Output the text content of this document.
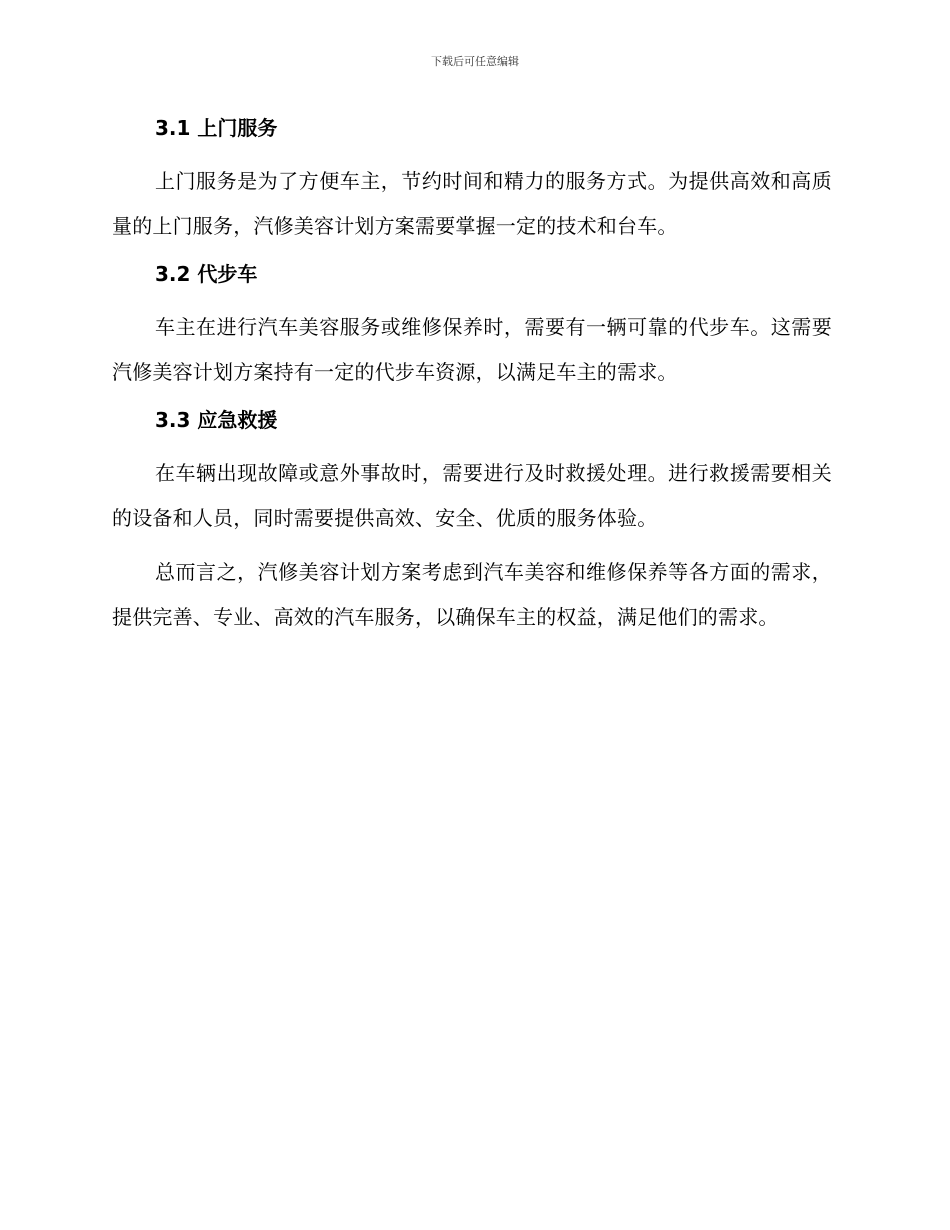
下载后可任意编辑

3.1 上门服务

上门服务是为了方便车主，节约时间和精力的服务方式。为提供高效和高质量的上门服务，汽修美容计划方案需要掌握一定的技术和台车。

3.2 代步车

车主在进行汽车美容服务或维修保养时，需要有一辆可靠的代步车。这需要汽修美容计划方案持有一定的代步车资源，以满足车主的需求。

3.3 应急救援

在车辆出现故障或意外事故时，需要进行及时救援处理。进行救援需要相关的设备和人员，同时需要提供高效、安全、优质的服务体验。

总而言之，汽修美容计划方案考虑到汽车美容和维修保养等各方面的需求，提供完善、专业、高效的汽车服务，以确保车主的权益，满足他们的需求。
